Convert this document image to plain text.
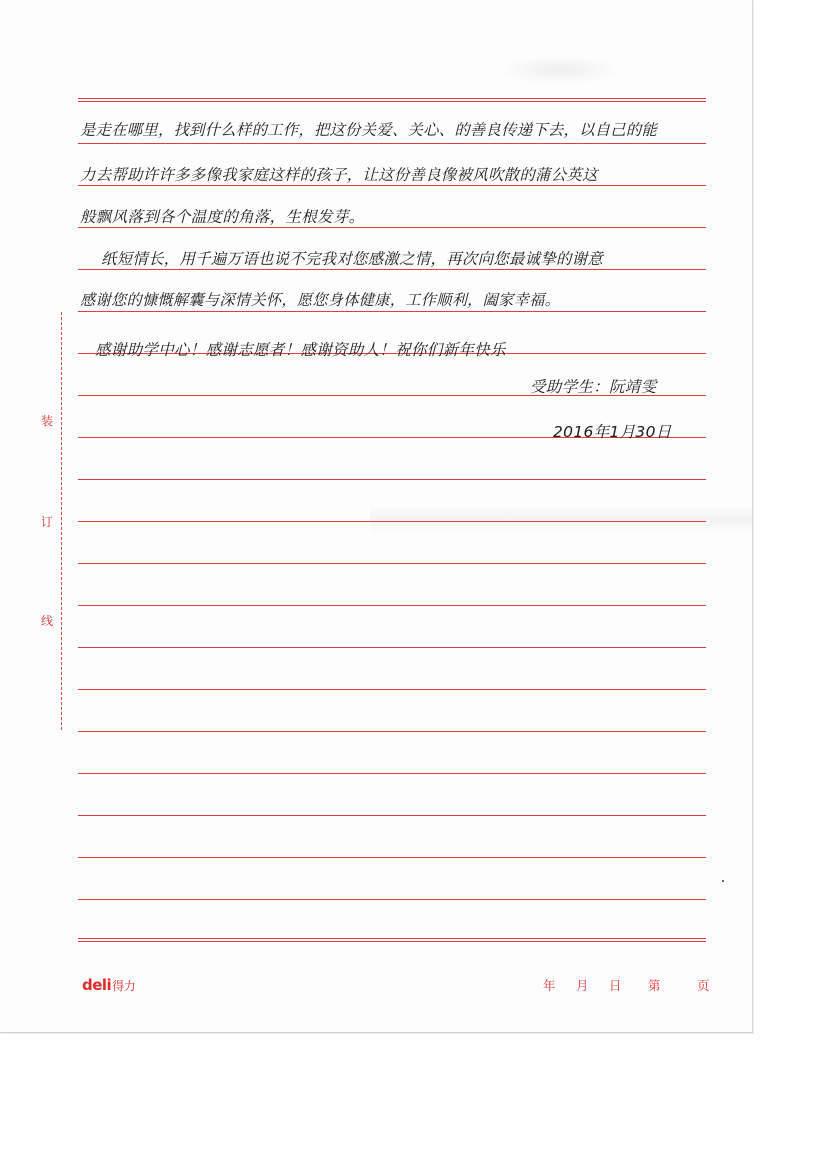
装
订
线
是走在哪里，找到什么样的工作，把这份关爱、关心、的善良传递下去，以自己的能
力去帮助许许多多像我家庭这样的孩子，让这份善良像被风吹散的蒲公英这
般飘风落到各个温度的角落，生根发芽。
纸短情长，用千遍万语也说不完我对您感激之情，再次向您最诚挚的谢意
感谢您的慷慨解囊与深情关怀，愿您身体健康，工作顺利，阖家幸福。
感谢助学中心！感谢志愿者！感谢资助人！祝你们新年快乐
受助学生：阮靖雯
2016年1月30日
deli得力	年 月 日 第	页
